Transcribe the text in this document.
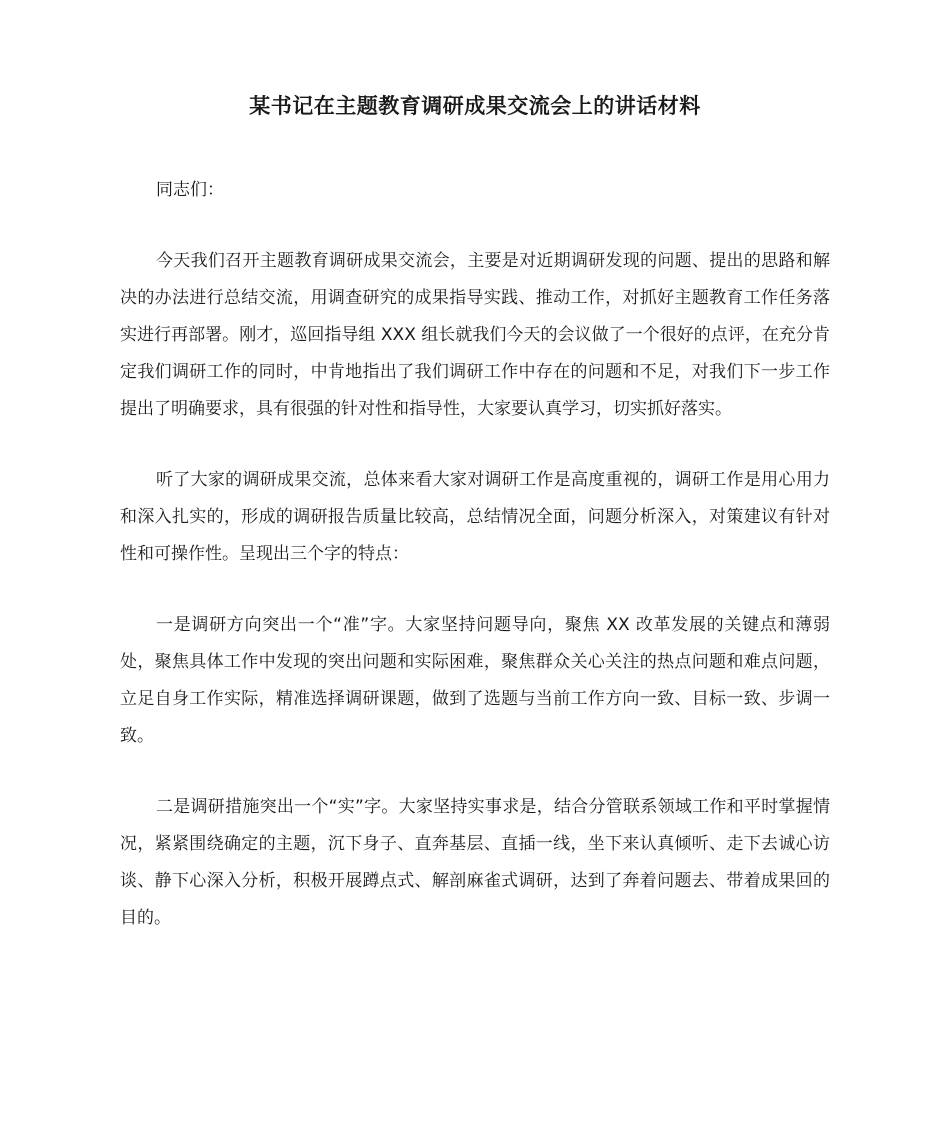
某书记在主题教育调研成果交流会上的讲话材料

同志们：

今天我们召开主题教育调研成果交流会，主要是对近期调研发现的问题、提出的思路和解决的办法进行总结交流，用调查研究的成果指导实践、推动工作，对抓好主题教育工作任务落实进行再部署。刚才，巡回指导组 XXX 组长就我们今天的会议做了一个很好的点评，在充分肯定我们调研工作的同时，中肯地指出了我们调研工作中存在的问题和不足，对我们下一步工作提出了明确要求，具有很强的针对性和指导性，大家要认真学习，切实抓好落实。

听了大家的调研成果交流，总体来看大家对调研工作是高度重视的，调研工作是用心用力和深入扎实的，形成的调研报告质量比较高，总结情况全面，问题分析深入，对策建议有针对性和可操作性。呈现出三个字的特点：

一是调研方向突出一个“准”字。大家坚持问题导向，聚焦 XX 改革发展的关键点和薄弱处，聚焦具体工作中发现的突出问题和实际困难，聚焦群众关心关注的热点问题和难点问题，立足自身工作实际，精准选择调研课题，做到了选题与当前工作方向一致、目标一致、步调一致。

二是调研措施突出一个“实”字。大家坚持实事求是，结合分管联系领域工作和平时掌握情况，紧紧围绕确定的主题，沉下身子、直奔基层、直插一线，坐下来认真倾听、走下去诚心访谈、静下心深入分析，积极开展蹲点式、解剖麻雀式调研，达到了奔着问题去、带着成果回的目的。
